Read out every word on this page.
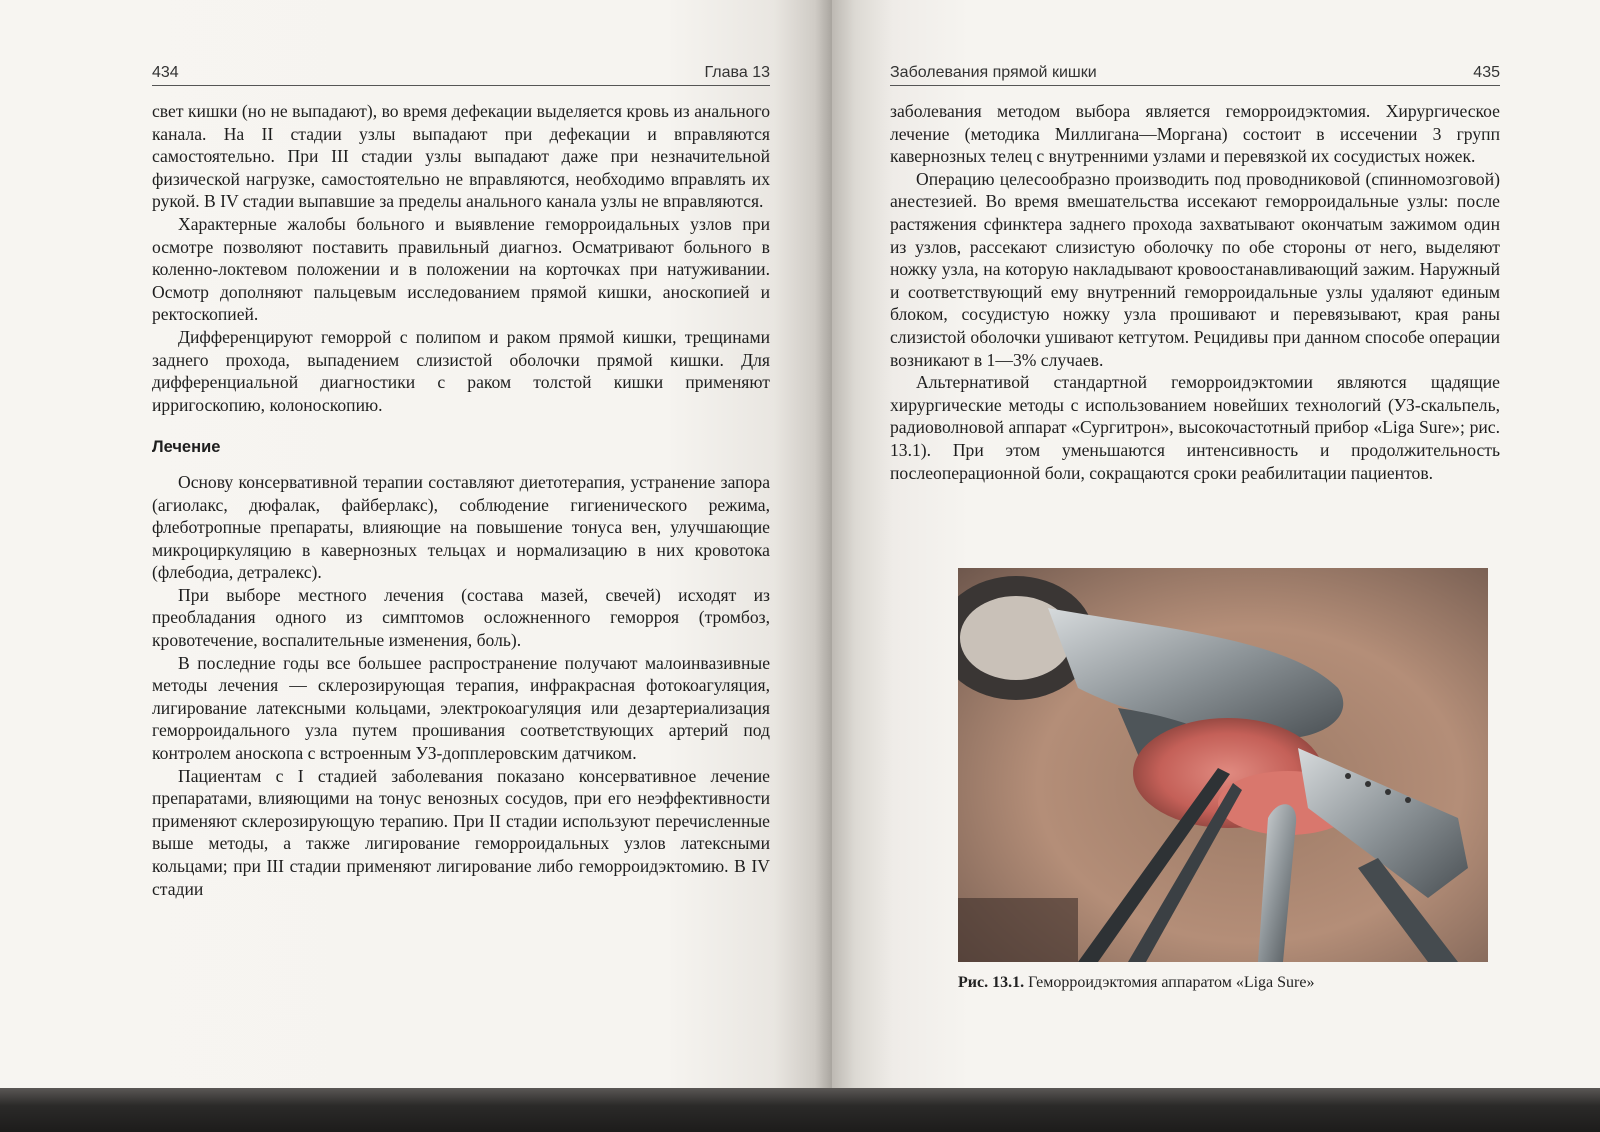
434	Глава 13

свет кишки (но не выпадают), во время дефекации выделяется кровь из анального канала. На II стадии узлы выпадают при дефекации и вправляются самостоятельно. При III стадии узлы выпадают даже при незначительной физической нагрузке, самостоятельно не вправляются, необходимо вправлять их рукой. В IV стадии выпавшие за пределы анального канала узлы не вправляются.

Характерные жалобы больного и выявление геморроидальных узлов при осмотре позволяют поставить правильный диагноз. Осматривают больного в коленно-локтевом положении и в положении на корточках при натуживании. Осмотр дополняют пальцевым исследованием прямой кишки, аноскопией и ректоскопией.

Дифференцируют геморрой с полипом и раком прямой кишки, трещинами заднего прохода, выпадением слизистой оболочки прямой кишки. Для дифференциальной диагностики с раком толстой кишки применяют ирригоскопию, колоноскопию.

Лечение

Основу консервативной терапии составляют диетотерапия, устранение запора (агиолакс, дюфалак, файберлакс), соблюдение гигиенического режима, флеботропные препараты, влияющие на повышение тонуса вен, улучшающие микроциркуляцию в кавернозных тельцах и нормализацию в них кровотока (флебодиа, детралекс).

При выборе местного лечения (состава мазей, свечей) исходят из преобладания одного из симптомов осложненного геморроя (тромбоз, кровотечение, воспалительные изменения, боль).

В последние годы все большее распространение получают малоинвазивные методы лечения — склерозирующая терапия, инфракрасная фотокоагуляция, лигирование латексными кольцами, электрокоагуляция или дезартериализация геморроидального узла путем прошивания соответствующих артерий под контролем аноскопа с встроенным УЗ-допплеровским датчиком.

Пациентам с I стадией заболевания показано консервативное лечение препаратами, влияющими на тонус венозных сосудов, при его неэффективности применяют склерозирующую терапию. При II стадии используют перечисленные выше методы, а также лигирование геморроидальных узлов латексными кольцами; при III стадии применяют лигирование либо геморроидэктомию. В IV стадии

Заболевания прямой кишки	435

заболевания методом выбора является геморроидэктомия. Хирургическое лечение (методика Миллигана—Моргана) состоит в иссечении 3 групп кавернозных телец с внутренними узлами и перевязкой их сосудистых ножек.

Операцию целесообразно производить под проводниковой (спинномозговой) анестезией. Во время вмешательства иссекают геморроидальные узлы: после растяжения сфинктера заднего прохода захватывают окончатым зажимом один из узлов, рассекают слизистую оболочку по обе стороны от него, выделяют ножку узла, на которую накладывают кровоостанавливающий зажим. Наружный и соответствующий ему внутренний геморроидальные узлы удаляют единым блоком, сосудистую ножку узла прошивают и перевязывают, края раны слизистой оболочки ушивают кетгутом. Рецидивы при данном способе операции возникают в 1—3% случаев.

Альтернативой стандартной геморроидэктомии являются щадящие хирургические методы с использованием новейших технологий (УЗ-скальпель, радиоволновой аппарат «Сургитрон», высокочастотный прибор «Liga Sure»; рис. 13.1). При этом уменьшаются интенсивность и продолжительность послеоперационной боли, сокращаются сроки реабилитации пациентов.

Рис. 13.1. Геморроидэктомия аппаратом «Liga Sure»
